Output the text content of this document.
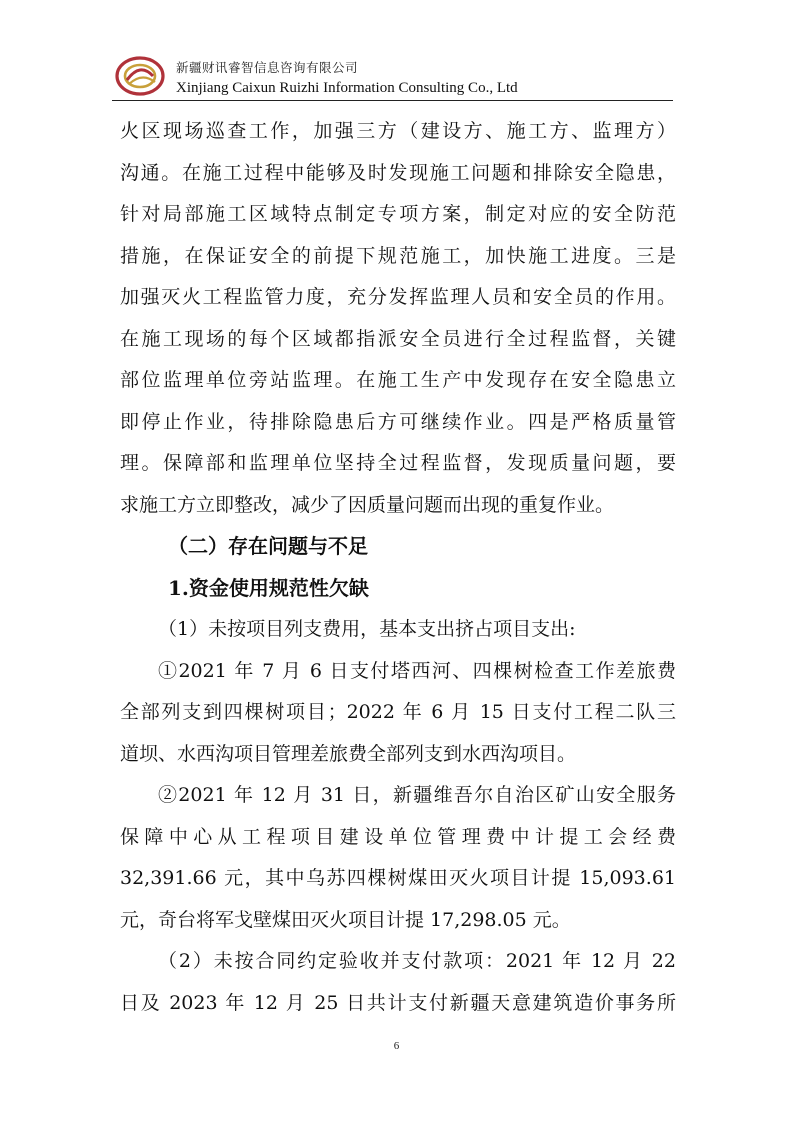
新疆财讯睿智信息咨询有限公司
Xinjiang Caixun Ruizhi Information Consulting Co., Ltd
火区现场巡查工作，加强三方（建设方、施工方、监理方）
沟通。在施工过程中能够及时发现施工问题和排除安全隐患，
针对局部施工区域特点制定专项方案，制定对应的安全防范
措施，在保证安全的前提下规范施工，加快施工进度。三是
加强灭火工程监管力度，充分发挥监理人员和安全员的作用。
在施工现场的每个区域都指派安全员进行全过程监督，关键
部位监理单位旁站监理。在施工生产中发现存在安全隐患立
即停止作业，待排除隐患后方可继续作业。四是严格质量管
理。保障部和监理单位坚持全过程监督，发现质量问题，要
求施工方立即整改，减少了因质量问题而出现的重复作业。
（二）存在问题与不足
1.资金使用规范性欠缺
（1）未按项目列支费用，基本支出挤占项目支出:
①2021 年 7 月 6 日支付塔西河、四棵树检查工作差旅费
全部列支到四棵树项目；2022 年 6 月 15 日支付工程二队三
道坝、水西沟项目管理差旅费全部列支到水西沟项目。
②2021 年 12 月 31 日，新疆维吾尔自治区矿山安全服务
保障中心从工程项目建设单位管理费中计提工会经费
32,391.66 元，其中乌苏四棵树煤田灭火项目计提 15,093.61
元，奇台将军戈壁煤田灭火项目计提 17,298.05 元。
（2）未按合同约定验收并支付款项：2021 年 12 月 22
日及 2023 年 12 月 25 日共计支付新疆天意建筑造价事务所
6
